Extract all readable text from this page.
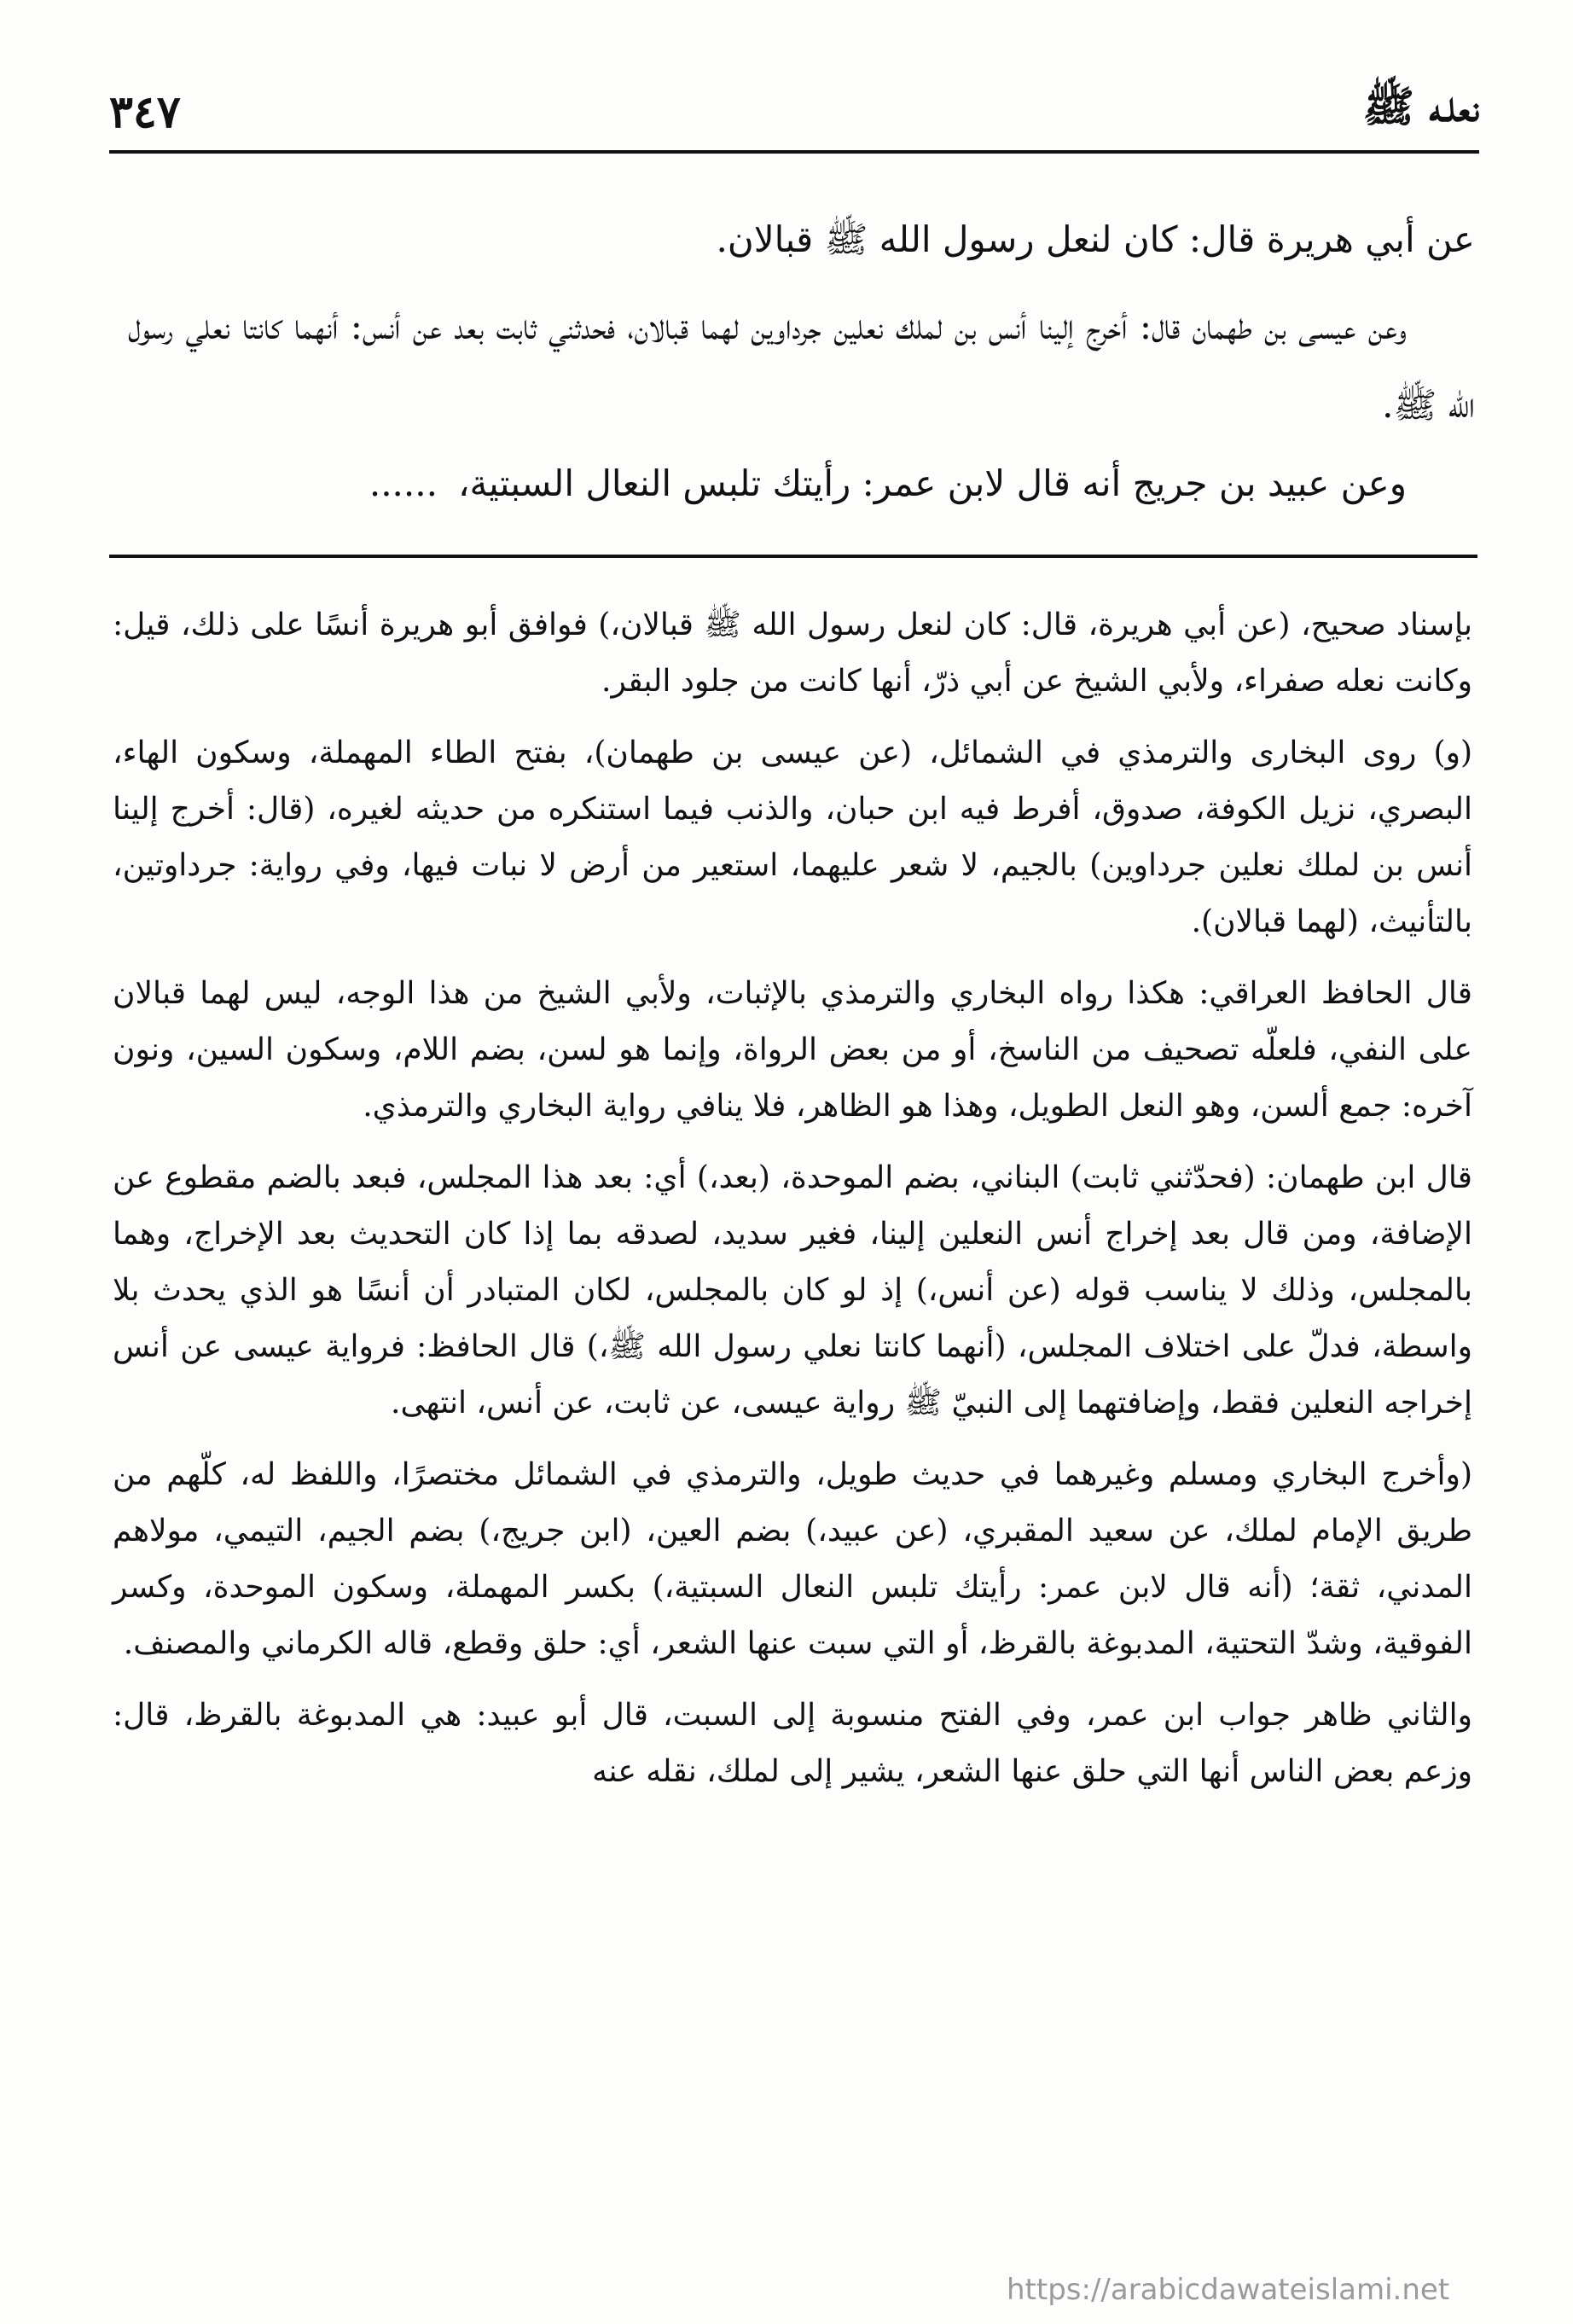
نعلـه ﷺ
٣٤٧

عن أبي هريرة قال: كان لنعل رسول الله ﷺ قبالان.

وعن عيسى بن طهمان قال: أخرج إلينا أنس بن لملك نعلين جرداوين لهما قبالان، فحدثني ثابت بعد عن أنس: أنهما كانتا نعلي رسول الله ﷺ.

وعن عبيد بن جريج أنه قال لابن عمر: رأيتك تلبس النعال السبتية،......

بإسناد صحيح، (عن أبي هريرة، قال: كان لنعل رسول الله ﷺ قبالان،) فوافق أبو هريرة أنسًا على ذلك، قيل: وكانت نعله صفراء، ولأبي الشيخ عن أبي ذرّ، أنها كانت من جلود البقر.

(و) روى البخارى والترمذي في الشمائل، (عن عيسى بن طهمان)، بفتح الطاء المهملة، وسكون الهاء، البصري، نزيل الكوفة، صدوق، أفرط فيه ابن حبان، والذنب فيما استنكره من حديثه لغيره، (قال: أخرج إلينا أنس بن لملك نعلين جرداوين) بالجيم، لا شعر عليهما، استعير من أرض لا نبات فيها، وفي رواية: جرداوتين، بالتأنيث، (لهما قبالان).

قال الحافظ العراقي: هكذا رواه البخاري والترمذي بالإثبات، ولأبي الشيخ من هذا الوجه، ليس لهما قبالان على النفي، فلعلّه تصحيف من الناسخ، أو من بعض الرواة، وإنما هو لسن، بضم اللام، وسكون السين، ونون آخره: جمع ألسن، وهو النعل الطويل، وهذا هو الظاهر، فلا ينافي رواية البخاري والترمذي.

قال ابن طهمان: (فحدّثني ثابت) البناني، بضم الموحدة، (بعد،) أي: بعد هذا المجلس، فبعد بالضم مقطوع عن الإضافة، ومن قال بعد إخراج أنس النعلين إلينا، فغير سديد، لصدقه بما إذا كان التحديث بعد الإخراج، وهما بالمجلس، وذلك لا يناسب قوله (عن أنس،) إذ لو كان بالمجلس، لكان المتبادر أن أنسًا هو الذي يحدث بلا واسطة، فدلّ على اختلاف المجلس، (أنهما كانتا نعلي رسول الله ﷺ،) قال الحافظ: فرواية عيسى عن أنس إخراجه النعلين فقط، وإضافتهما إلى النبيّ ﷺ رواية عيسى، عن ثابت، عن أنس، انتهى.

(وأخرج البخاري ومسلم وغيرهما في حديث طويل، والترمذي في الشمائل مختصرًا، واللفظ له، كلّهم من طريق الإمام لملك، عن سعيد المقبري، (عن عبيد،) بضم العين، (ابن جريج،) بضم الجيم، التيمي، مولاهم المدني، ثقة؛ (أنه قال لابن عمر: رأيتك تلبس النعال السبتية،) بكسر المهملة، وسكون الموحدة، وكسر الفوقية، وشدّ التحتية، المدبوغة بالقرظ، أو التي سبت عنها الشعر، أي: حلق وقطع، قاله الكرماني والمصنف.

والثاني ظاهر جواب ابن عمر، وفي الفتح منسوبة إلى السبت، قال أبو عبيد: هي المدبوغة بالقرظ، قال: وزعم بعض الناس أنها التي حلق عنها الشعر، يشير إلى لملك، نقله عنه

https://arabicdawateislami.net
